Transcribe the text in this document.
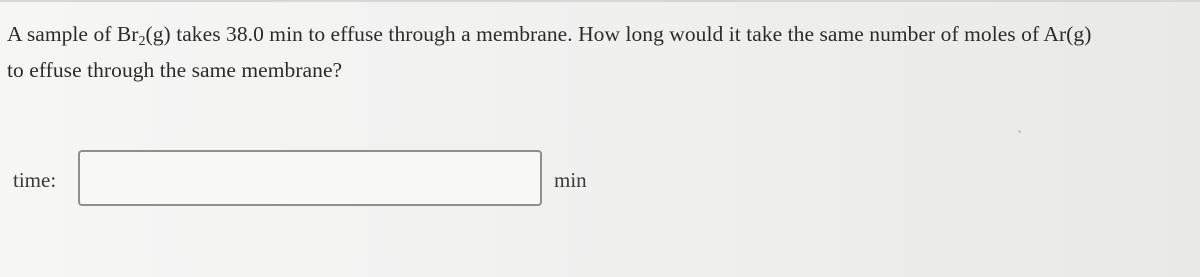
A sample of $Br_2(g)$ takes 38.0 min to effuse through a membrane. How long would it take the same number of moles of Ar(g)
to effuse through the same membrane?
time:	min
